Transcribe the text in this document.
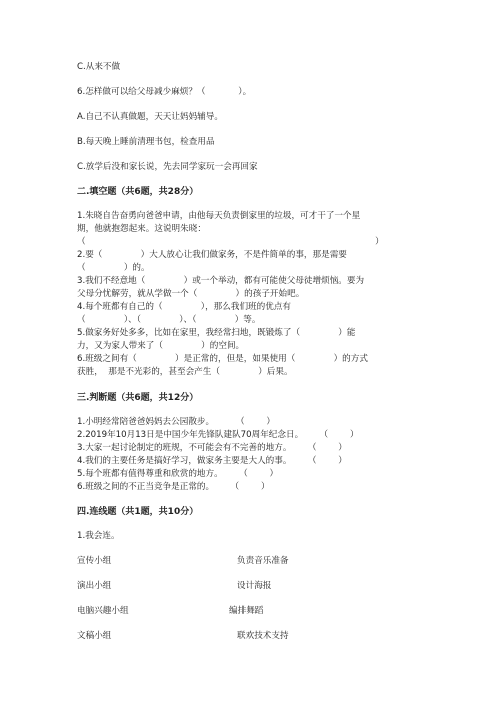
C.从来不做
6.怎样做可以给父母减少麻烦？（            ）。
A.自己不认真做题，天天让妈妈辅导。
B.每天晚上睡前清理书包，检查用品
C.放学后没和家长说，先去同学家玩一会再回家
二.填空题（共6题，共28分）
1.朱晓自告奋勇向爸爸申请，由他每天负责倒家里的垃圾，可才干了一个星
期，他就抱怨起来。这说明朱晓：
（                                                                                                          ）
2.要（              ）大人放心让我们做家务，不是件简单的事，那是需要
（              ）的。
3.我们不经意地（              ）或一个举动，都有可能使父母徒增烦恼。要为
父母分忧解劳，就从学做一个（              ）的孩子开始吧。
4.每个班都有自己的（              ），那么我们班的优点有
（              ）、（              ）、（              ）等。
5.做家务好处多多，比如在家里，我经常扫地，既锻炼了（              ）能
力，又为家人带来了（              ）的空间。
6.班级之间有（              ）是正常的，但是，如果使用（              ）的方式
获胜，  那是不光彩的，甚至会产生（              ）后果。
三.判断题（共6题，共12分）
1.小明经常陪爸爸妈妈去公园散步。        （        ）
2.2019年10月13日是中国少年先锋队建队70周年纪念日。      （        ）
3.大家一起讨论制定的班规，不可能会有不完善的地方。      （        ）
4.我们的主要任务是搞好学习，做家务主要是大人的事。      （        ）
5.每个班都有值得尊重和欣赏的地方。      （        ）
6.班级之间的不正当竞争是正常的。      （        ）
四.连线题（共1题，共10分）
1.我会连。
宣传小组	负责音乐准备
演出小组	设计海报
电脑兴趣小组	编排舞蹈
文稿小组	联欢技术支持
